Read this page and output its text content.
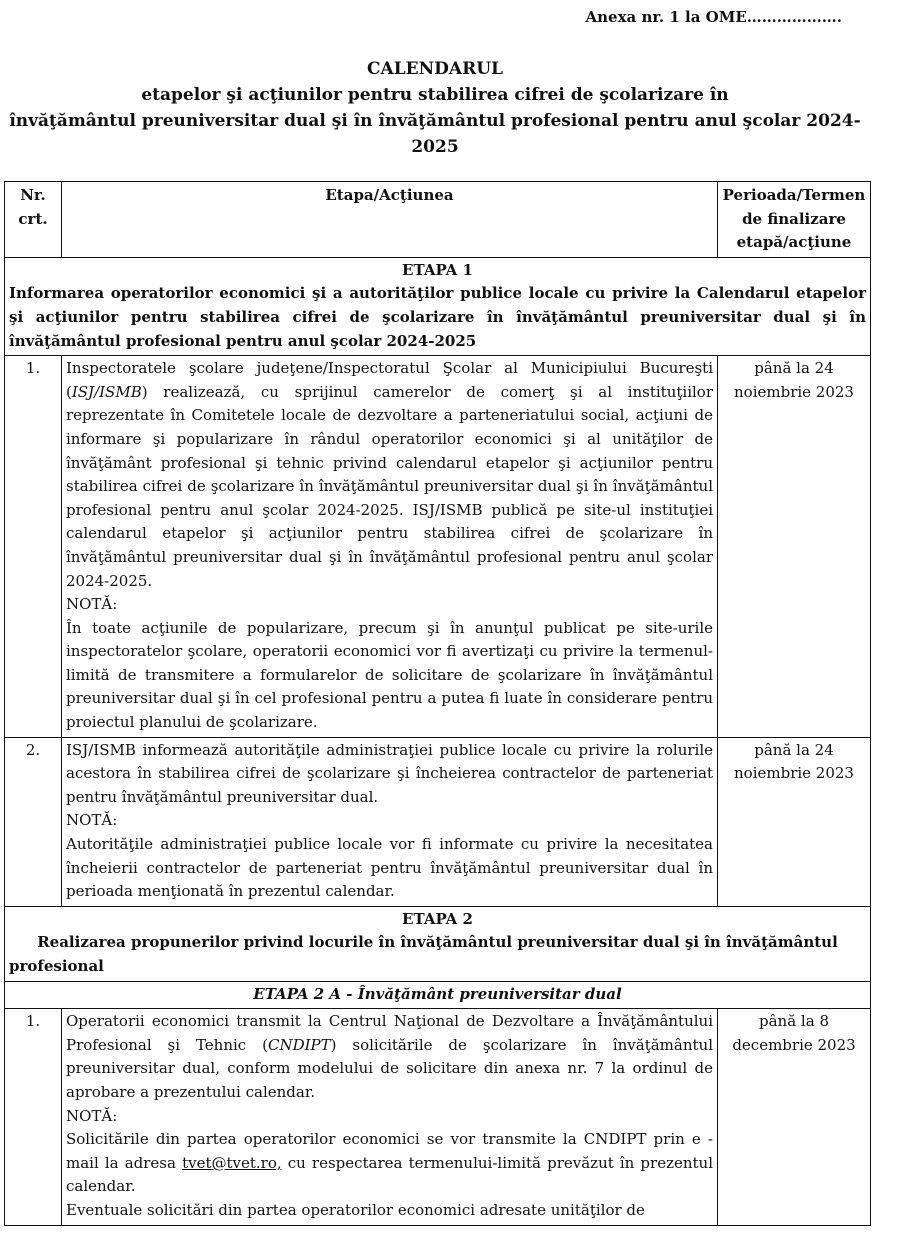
Anexa nr. 1 la OME……………….
CALENDARUL
etapelor şi acţiunilor pentru stabilirea cifrei de şcolarizare în
învăţământul preuniversitar dual şi în învăţământul profesional pentru anul şcolar 2024-
2025
Nr. crt.	Etapa/Acţiunea	Perioada/Termen de finalizare etapă/acţiune

ETAPA 1
Informarea operatorilor economici şi a autorităţilor publice locale cu privire la Calendarul etapelor şi acţiunilor pentru stabilirea cifrei de şcolarizare în învăţământul preuniversitar dual şi în învăţământul profesional pentru anul şcolar 2024-2025		

1.	Inspectoratele şcolare judeţene/Inspectoratul Şcolar al Municipiului Bucureşti (ISJ/ISMB) realizează, cu sprijinul camerelor de comerţ şi al instituţiilor reprezentate în Comitetele locale de dezvoltare a parteneriatului social, acţiuni de informare şi popularizare în rândul operatorilor economici şi al unităţilor de învăţământ profesional şi tehnic privind calendarul etapelor şi acţiunilor pentru stabilirea cifrei de şcolarizare în învăţământul preuniversitar dual şi în învăţământul profesional pentru anul şcolar 2024-2025. ISJ/ISMB publică pe site-ul instituţiei calendarul etapelor şi acţiunilor pentru stabilirea cifrei de şcolarizare în învăţământul preuniversitar dual şi în învăţământul profesional pentru anul şcolar 2024-2025.

NOTĂ:

În toate acţiunile de popularizare, precum şi în anunţul publicat pe site-urile inspectoratelor şcolare, operatorii economici vor fi avertizaţi cu privire la termenul-limită de transmitere a formularelor de solicitare de şcolarizare în învăţământul preuniversitar dual şi în cel profesional pentru a putea fi luate în considerare pentru proiectul planului de şcolarizare.	până la 24 noiembrie 2023
2.	ISJ/ISMB informează autorităţile administraţiei publice locale cu privire la rolurile acestora în stabilirea cifrei de şcolarizare şi încheierea contractelor de parteneriat pentru învăţământul preuniversitar dual.

NOTĂ:

Autorităţile administraţiei publice locale vor fi informate cu privire la necesitatea încheierii contractelor de parteneriat pentru învăţământul preuniversitar dual în perioada menţionată în prezentul calendar.	până la 24 noiembrie 2023

ETAPA 2
Realizarea propunerilor privind locurile în învăţământul preuniversitar dual şi în învăţământul profesional		

ETAPA 2 A - Învăţământ preuniversitar dual		
1.	Operatorii economici transmit la Centrul Naţional de Dezvoltare a Învăţământului Profesional şi Tehnic (CNDIPT) solicitările de şcolarizare în învăţământul preuniversitar dual, conform modelului de solicitare din anexa nr. 7 la ordinul de aprobare a prezentului calendar.

NOTĂ:

Solicitările din partea operatorilor economici se vor transmite la CNDIPT prin e - mail la adresa tvet@tvet.ro, cu respectarea termenului-limită prevăzut în prezentul calendar.

Eventuale solicitări din partea operatorilor economici adresate unităţilor de	până la 8 decembrie 2023
